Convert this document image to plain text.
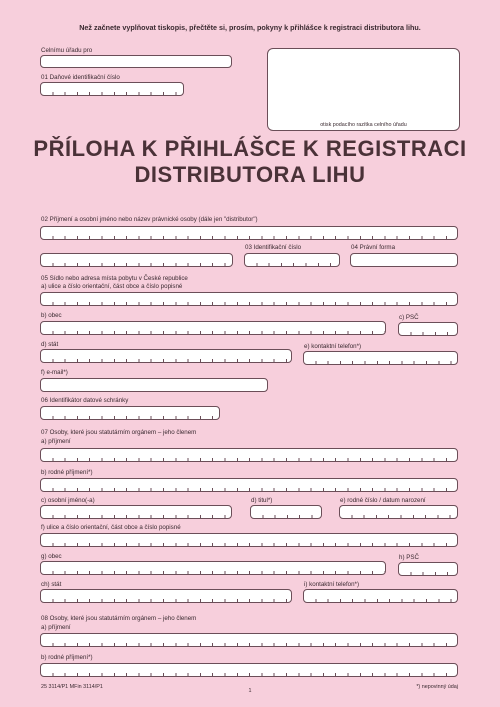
Než začnete vyplňovat tiskopis, přečtěte si, prosím, pokyny k přihlášce k registraci distributora lihu.
Celnímu úřadu pro
01 Daňové identifikační číslo
otisk podacího razítka celního úřadu
PŘÍLOHA K PŘIHLÁŠCE K REGISTRACI
DISTRIBUTORA LIHU
02 Příjmení a osobní jméno nebo název právnické osoby (dále jen "distributor")
03 Identifikační číslo	04 Právní forma
05 Sídlo nebo adresa místa pobytu v České republice
a) ulice a číslo orientační, část obce a číslo popisné
b) obec	c) PSČ
d) stát	e) kontaktní telefon*)
f) e-mail*)
06 Identifikátor datové schránky
07 Osoby, které jsou statutárním orgánem – jeho členem
a) příjmení
b) rodné příjmení*)
c) osobní jméno(-a)	d) titul*)	e) rodné číslo / datum narození
f) ulice a číslo orientační, část obce a číslo popisné
g) obec	h) PSČ
ch) stát	i) kontaktní telefon*)
08 Osoby, které jsou statutárním orgánem – jeho členem
a) příjmení
b) rodné příjmení*)
25 3114/P1 MFin 3114/P1
1
*) nepovinný údaj
